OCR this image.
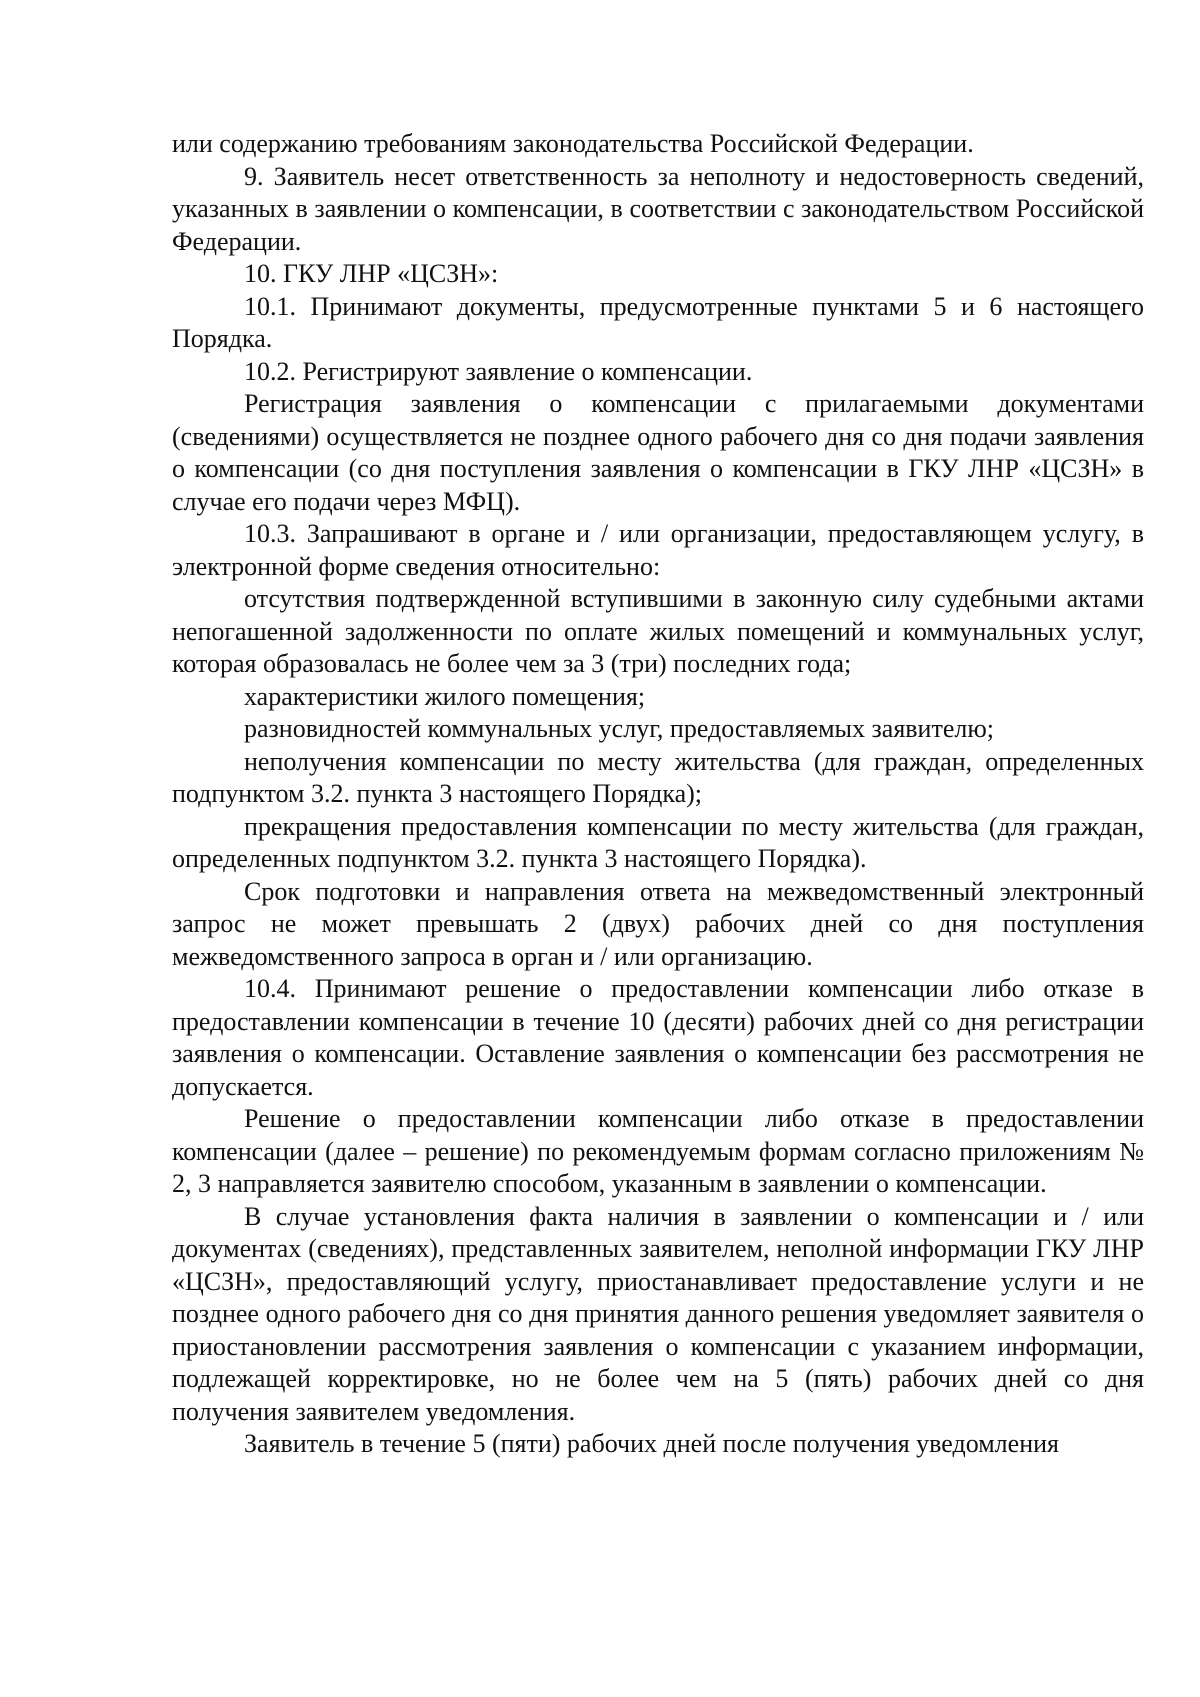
или содержанию требованиям законодательства Российской Федерации.

9. Заявитель несет ответственность за неполноту и недостоверность сведений, указанных в заявлении о компенсации, в соответствии с законодательством Российской Федерации.

10. ГКУ ЛНР «ЦСЗН»:

10.1. Принимают документы, предусмотренные пунктами 5 и 6 настоящего Порядка.

10.2. Регистрируют заявление о компенсации.

Регистрация заявления о компенсации с прилагаемыми документами (сведениями) осуществляется не позднее одного рабочего дня со дня подачи заявления о компенсации (со дня поступления заявления о компенсации в ГКУ ЛНР «ЦСЗН» в случае его подачи через МФЦ).

10.3. Запрашивают в органе и / или организации, предоставляющем услугу, в электронной форме сведения относительно:

отсутствия подтвержденной вступившими в законную силу судебными актами непогашенной задолженности по оплате жилых помещений и коммунальных услуг, которая образовалась не более чем за 3 (три) последних года;

характеристики жилого помещения;

разновидностей коммунальных услуг, предоставляемых заявителю;

неполучения компенсации по месту жительства (для граждан, определенных подпунктом 3.2. пункта 3 настоящего Порядка);

прекращения предоставления компенсации по месту жительства (для граждан, определенных подпунктом 3.2. пункта 3 настоящего Порядка).

Срок подготовки и направления ответа на межведомственный электронный запрос не может превышать 2 (двух) рабочих дней со дня поступления межведомственного запроса в орган и / или организацию.

10.4. Принимают решение о предоставлении компенсации либо отказе в предоставлении компенсации в течение 10 (десяти) рабочих дней со дня регистрации заявления о компенсации. Оставление заявления о компенсации без рассмотрения не допускается.

Решение о предоставлении компенсации либо отказе в предоставлении компенсации (далее – решение) по рекомендуемым формам согласно приложениям № 2, 3 направляется заявителю способом, указанным в заявлении о компенсации.

В случае установления факта наличия в заявлении о компенсации и / или документах (сведениях), представленных заявителем, неполной информации ГКУ ЛНР «ЦСЗН», предоставляющий услугу, приостанавливает предоставление услуги и не позднее одного рабочего дня со дня принятия данного решения уведомляет заявителя о приостановлении рассмотрения заявления о компенсации с указанием информации, подлежащей корректировке, но не более чем на 5 (пять) рабочих дней со дня получения заявителем уведомления.

Заявитель в течение 5 (пяти) рабочих дней после получения уведомления
